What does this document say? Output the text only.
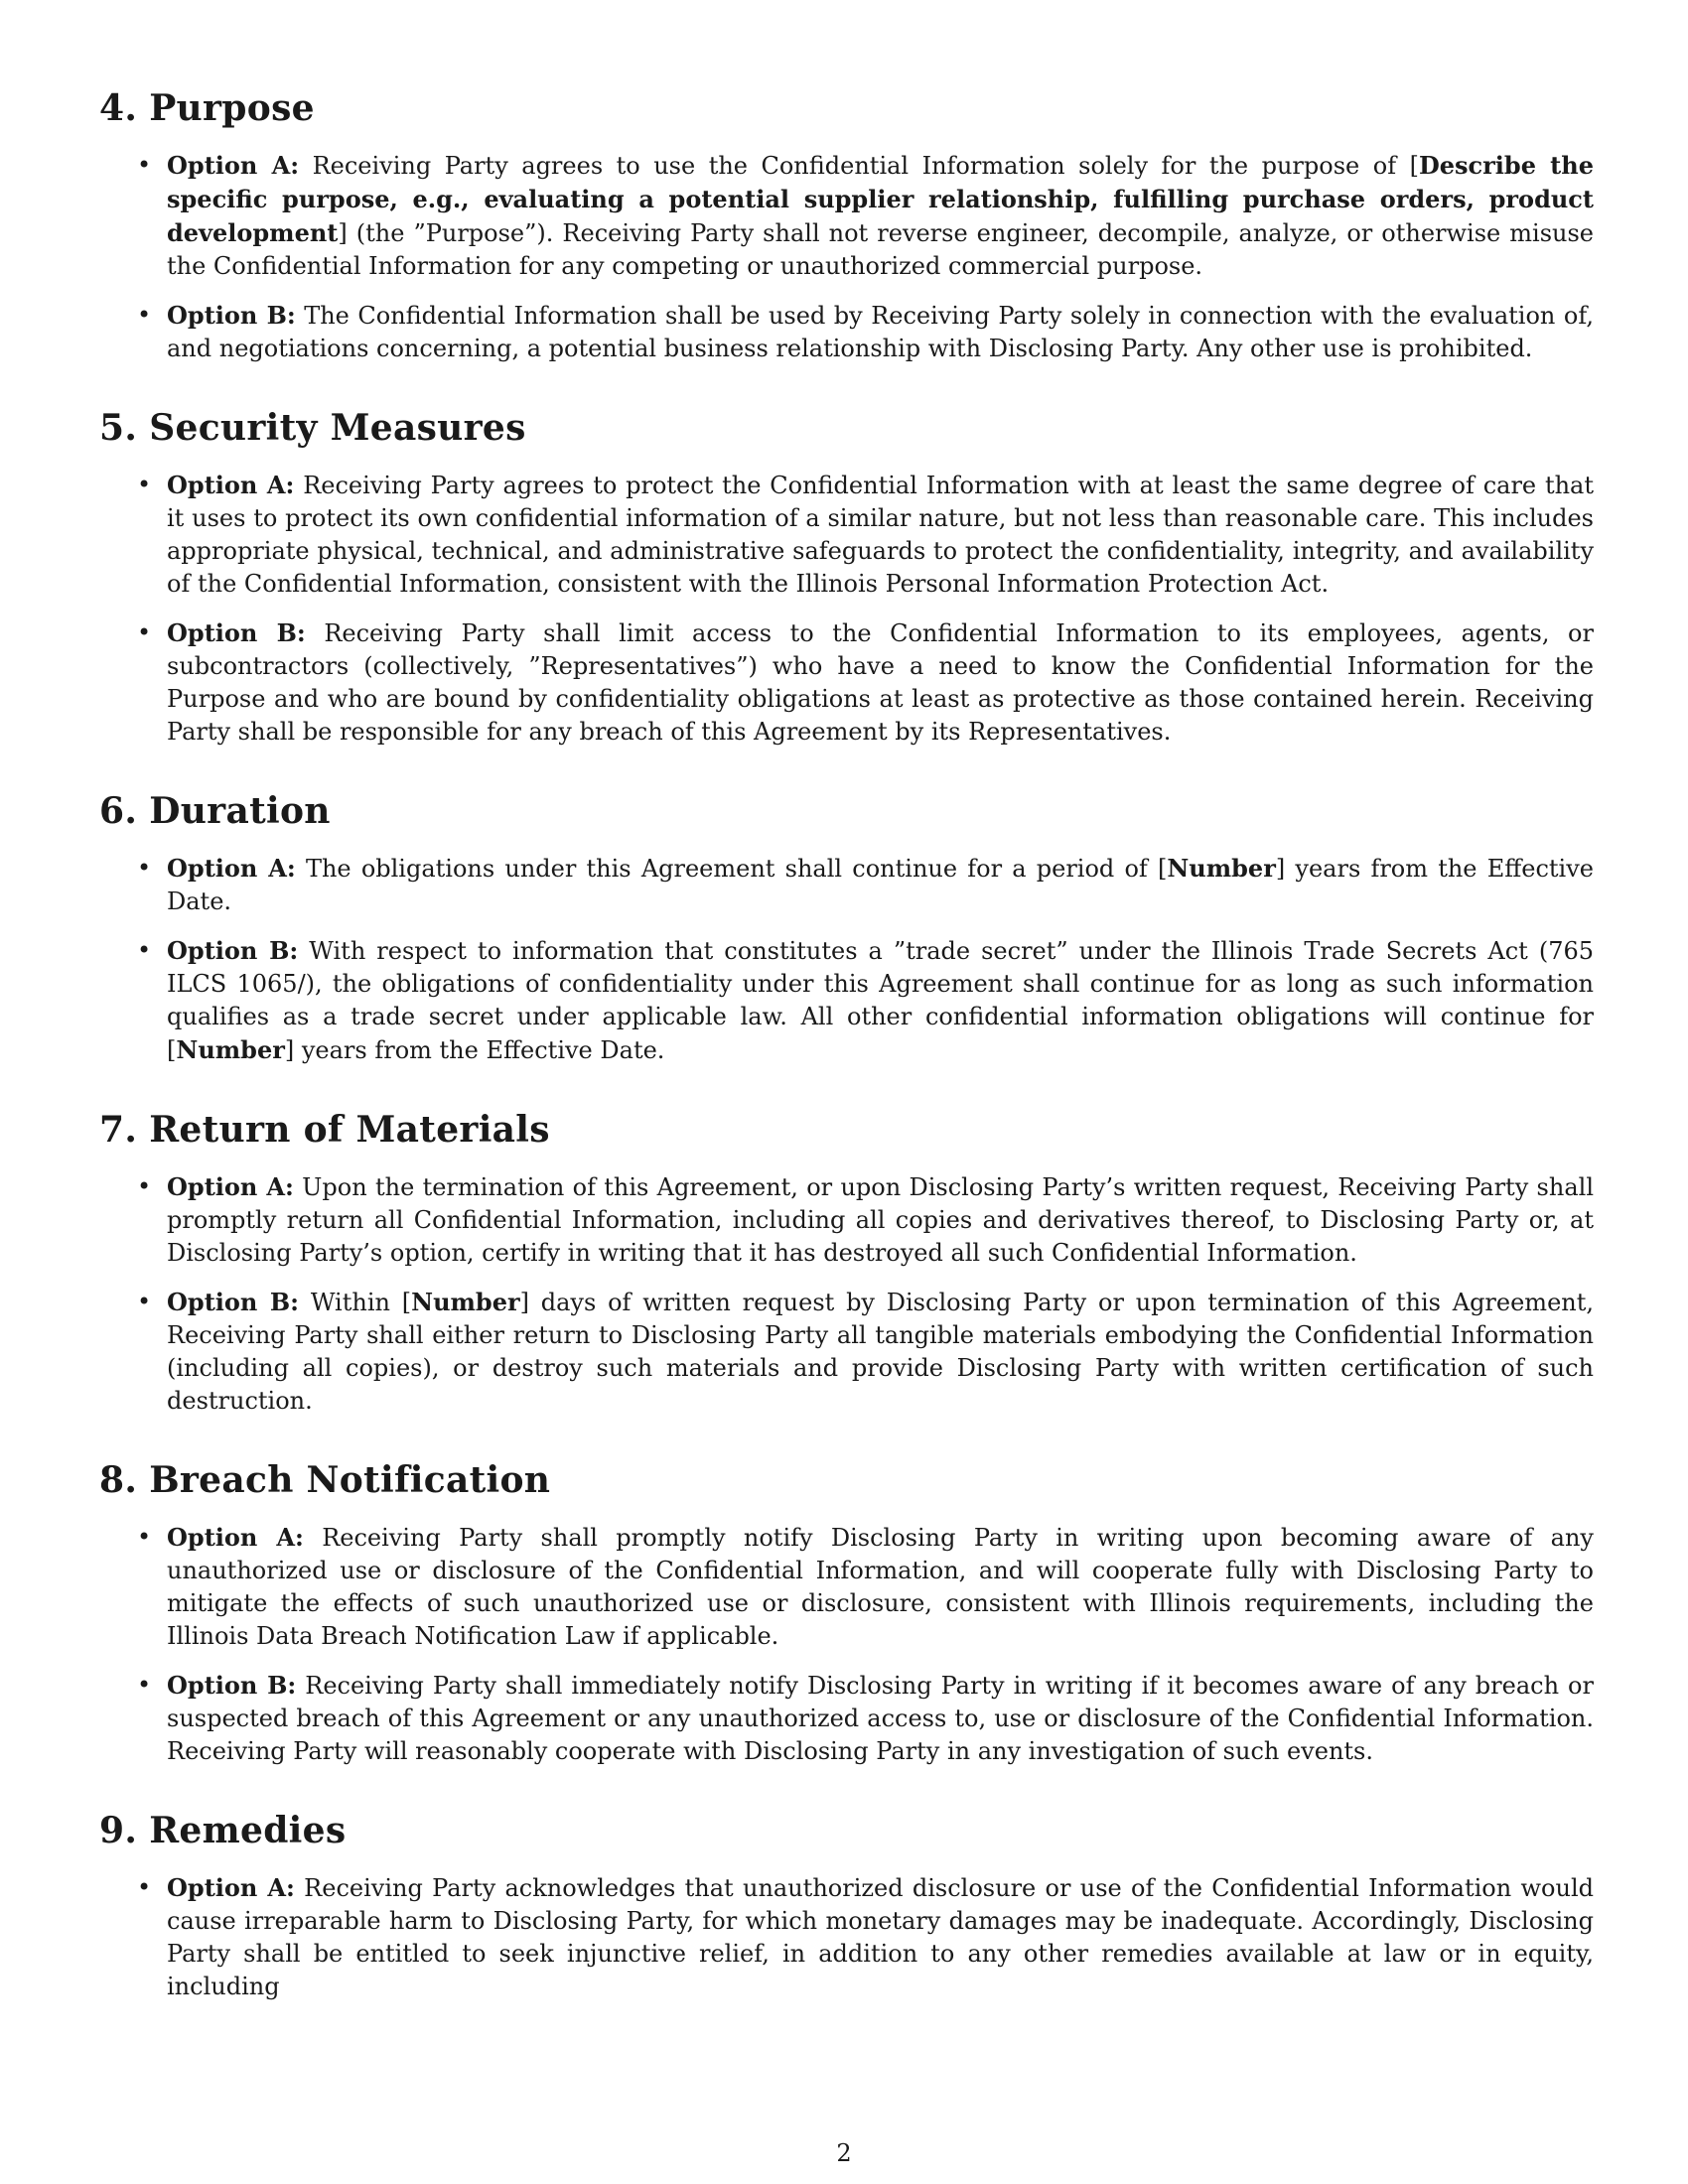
4. Purpose
• Option A: Receiving Party agrees to use the Confidential Information solely for the purpose of [Describe the specific purpose, e.g., evaluating a potential supplier relationship, fulfilling purchase orders, product development] (the ”Purpose”). Receiving Party shall not reverse engineer, decompile, analyze, or otherwise misuse the Confidential Information for any competing or unauthorized commercial purpose.
• Option B: The Confidential Information shall be used by Receiving Party solely in connection with the evaluation of, and negotiations concerning, a potential business relationship with Disclosing Party. Any other use is prohibited.
5. Security Measures
• Option A: Receiving Party agrees to protect the Confidential Information with at least the same degree of care that it uses to protect its own confidential information of a similar nature, but not less than reasonable care. This includes appropriate physical, technical, and administrative safeguards to protect the confidentiality, integrity, and availability of the Confidential Information, consistent with the Illinois Personal Information Protection Act.
• Option B: Receiving Party shall limit access to the Confidential Information to its employees, agents, or subcontractors (collectively, ”Representatives”) who have a need to know the Confidential Information for the Purpose and who are bound by confidentiality obligations at least as protective as those contained herein. Receiving Party shall be responsible for any breach of this Agreement by its Representatives.
6. Duration
• Option A: The obligations under this Agreement shall continue for a period of [Number] years from the Effective Date.
• Option B: With respect to information that constitutes a ”trade secret” under the Illinois Trade Secrets Act (765 ILCS 1065/), the obligations of confidentiality under this Agreement shall continue for as long as such information qualifies as a trade secret under applicable law. All other confidential information obligations will continue for [Number] years from the Effective Date.
7. Return of Materials
• Option A: Upon the termination of this Agreement, or upon Disclosing Party’s written request, Receiving Party shall promptly return all Confidential Information, including all copies and derivatives thereof, to Disclosing Party or, at Disclosing Party’s option, certify in writing that it has destroyed all such Confidential Information.
• Option B: Within [Number] days of written request by Disclosing Party or upon termination of this Agreement, Receiving Party shall either return to Disclosing Party all tangible materials embodying the Confidential Information (including all copies), or destroy such materials and provide Disclosing Party with written certification of such destruction.
8. Breach Notification
• Option A: Receiving Party shall promptly notify Disclosing Party in writing upon becoming aware of any unauthorized use or disclosure of the Confidential Information, and will cooperate fully with Disclosing Party to mitigate the effects of such unauthorized use or disclosure, consistent with Illinois requirements, including the Illinois Data Breach Notification Law if applicable.
• Option B: Receiving Party shall immediately notify Disclosing Party in writing if it becomes aware of any breach or suspected breach of this Agreement or any unauthorized access to, use or disclosure of the Confidential Information. Receiving Party will reasonably cooperate with Disclosing Party in any investigation of such events.
9. Remedies
• Option A: Receiving Party acknowledges that unauthorized disclosure or use of the Confidential Information would cause irreparable harm to Disclosing Party, for which monetary damages may be inadequate. Accordingly, Disclosing Party shall be entitled to seek injunctive relief, in addition to any other remedies available at law or in equity, including
2
